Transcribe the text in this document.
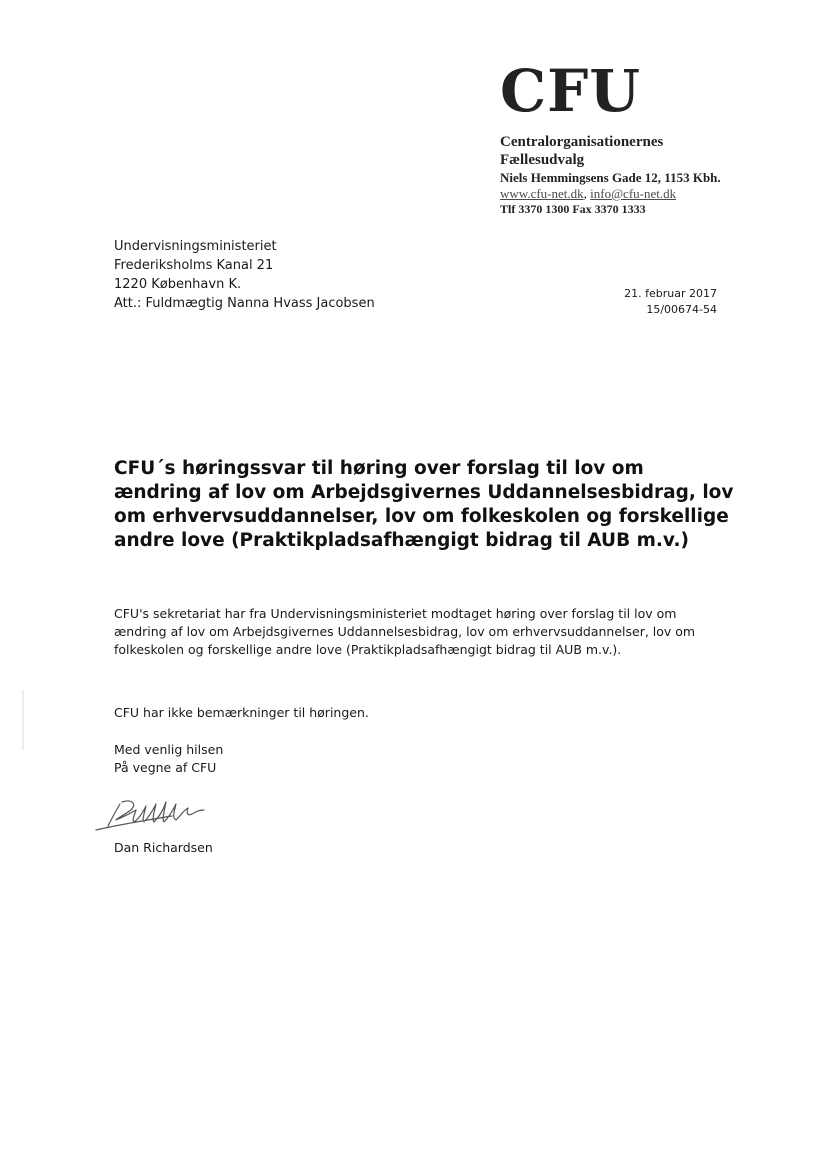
CFU
Centralorganisationernes
Fællesudvalg
Niels Hemmingsens Gade 12, 1153 Kbh.
www.cfu-net.dk, info@cfu-net.dk
Tlf 3370 1300 Fax 3370 1333
Undervisningsministeriet
Frederiksholms Kanal 21
1220 København K.
Att.: Fuldmægtig Nanna Hvass Jacobsen
21. februar 2017
15/00674-54
CFU´s høringssvar til høring over forslag til lov om ændring af lov om Arbejdsgivernes Uddannelsesbidrag, lov om erhvervsuddannelser, lov om folkeskolen og forskellige andre love (Praktikpladsafhængigt bidrag til AUB m.v.)
CFU's sekretariat har fra Undervisningsministeriet modtaget høring over forslag til lov om ændring af lov om Arbejdsgivernes Uddannelsesbidrag, lov om erhvervsuddannelser, lov om folkeskolen og forskellige andre love (Praktikpladsafhængigt bidrag til AUB m.v.).
CFU har ikke bemærkninger til høringen.
Med venlig hilsen
På vegne af CFU
Dan Richardsen
